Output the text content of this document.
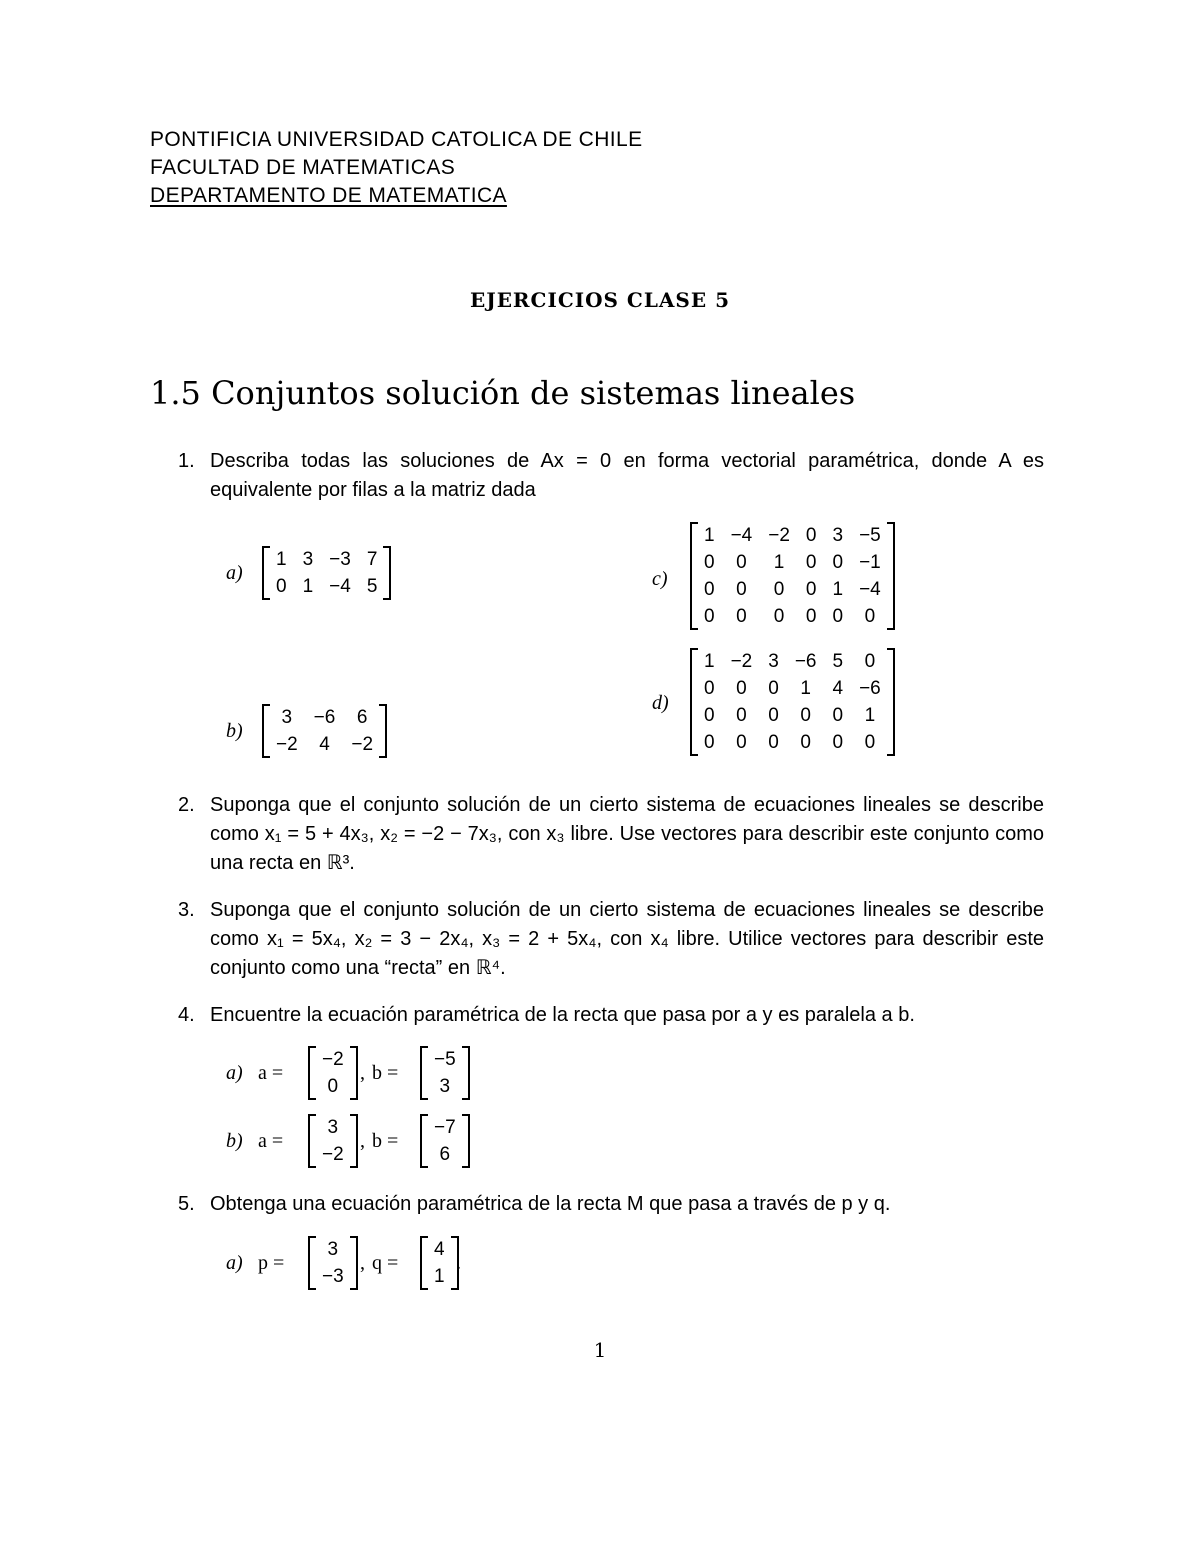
PONTIFICIA UNIVERSIDAD CATOLICA DE CHILE
FACULTAD DE MATEMATICAS
DEPARTAMENTO DE MATEMATICA
EJERCICIOS CLASE 5
1.5 Conjuntos solución de sistemas lineales
1. Describa todas las soluciones de Ax = 0 en forma vectorial paramétrica, donde A es equivalente por filas a la matriz dada
a)
1	3	−3	7
0	1	−4	5
b)
3	−6	6
−2	4	−2
c)
1	−4	−2	0	3	−5
0	0	1	0	0	−1
0	0	0	0	1	−4
0	0	0	0	0	0
d)
1	−2	3	−6	5	0
0	0	0	1	4	−6
0	0	0	0	0	1
0	0	0	0	0	0
2. Suponga que el conjunto solución de un cierto sistema de ecuaciones lineales se describe como x₁ = 5 + 4x₃, x₂ = −2 − 7x₃, con x₃ libre. Use vectores para describir este conjunto como una recta en ℝ³.
3. Suponga que el conjunto solución de un cierto sistema de ecuaciones lineales se describe como x₁ = 5x₄, x₂ = 3 − 2x₄, x₃ = 2 + 5x₄, con x₄ libre. Utilice vectores para describir este conjunto como una “recta” en ℝ⁴.
4. Encuentre la ecuación paramétrica de la recta que pasa por a y es paralela a b.
a) a =
−2
0
, b =
−5
3
b) a =
3
−2
, b =
−7
6
5. Obtenga una ecuación paramétrica de la recta M que pasa a través de p y q.
a) p =
3
−3
, q =
4
1
.
1
